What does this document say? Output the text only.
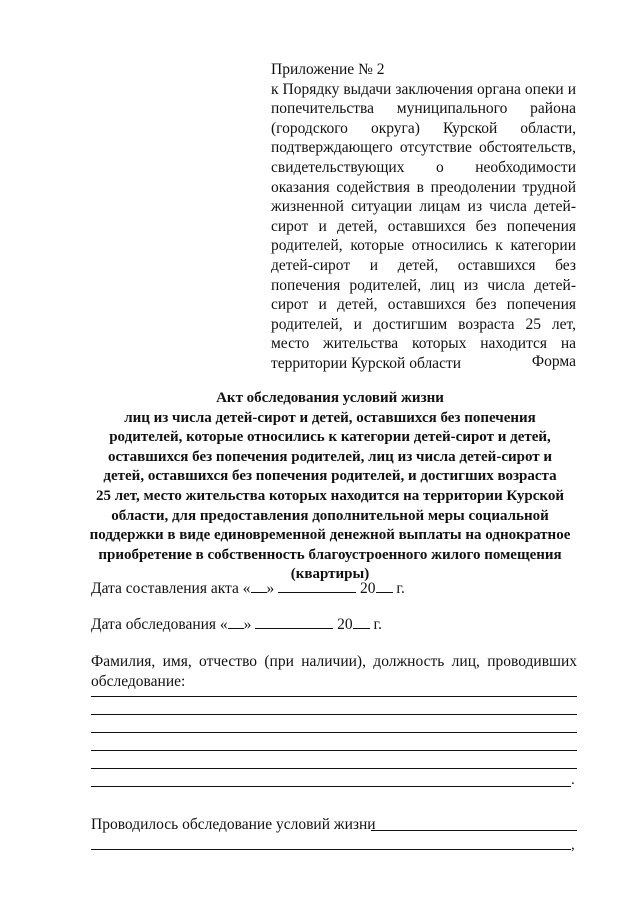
Приложение № 2
к Порядку выдачи заключения органа опеки и попечительства муниципального района (городского округа) Курской области, подтверждающего отсутствие обстоятельств, свидетельствующих о необходимости оказания содействия в преодолении трудной жизненной ситуации лицам из числа детей-сирот и детей, оставшихся без попечения родителей, которые относились к категории детей-сирот и детей, оставшихся без попечения родителей, лиц из числа детей-сирот и детей, оставшихся без попечения родителей, и достигшим возраста 25 лет, место жительства которых находится на территории Курской области	Форма
Акт обследования условий жизни
лиц из числа детей-сирот и детей, оставшихся без попечения
родителей, которые относились к категории детей-сирот и детей,
оставшихся без попечения родителей, лиц из числа детей-сирот и
детей, оставшихся без попечения родителей, и достигших возраста
25 лет, место жительства которых находится на территории Курской
области, для предоставления дополнительной меры социальной
поддержки в виде единовременной денежной выплаты на однократное
приобретение в собственность благоустроенного жилого помещения
(квартиры)
Дата составления акта « »	20 г.
Дата обследования « »	20 г.
Фамилия, имя, отчество (при наличии), должность лиц, проводивших обследование:
.
Проводилось обследование условий жизни
,
